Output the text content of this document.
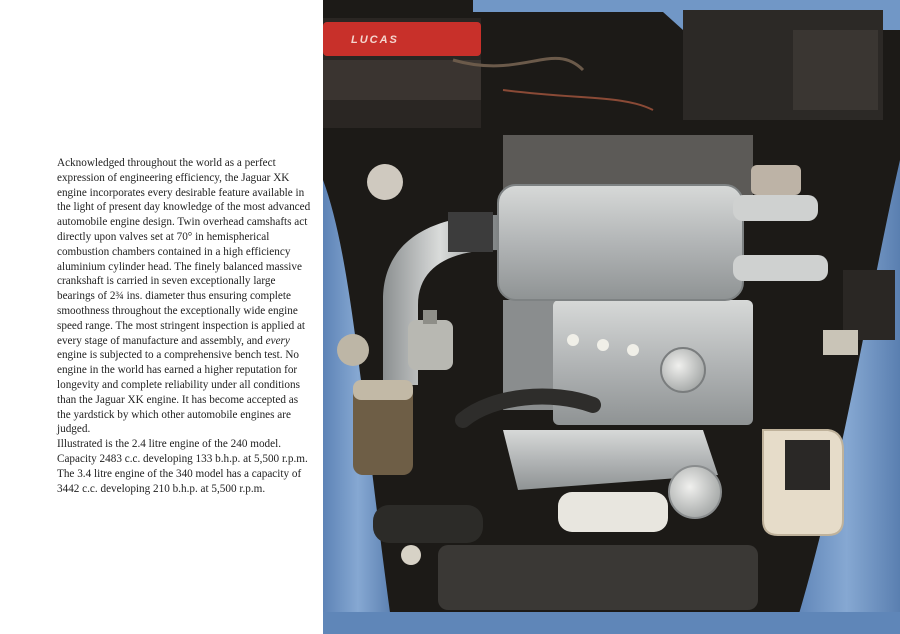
Acknowledged throughout the world as a perfect expression of engineering efficiency, the Jaguar XK engine incorporates every desirable feature available in the light of present day knowledge of the most advanced automobile engine design. Twin overhead camshafts act directly upon valves set at 70° in hemispherical combustion chambers contained in a high efficiency aluminium cylinder head. The finely balanced massive crankshaft is carried in seven exceptionally large bearings of 2¾ ins. diameter thus ensuring complete smoothness throughout the exceptionally wide engine speed range. The most stringent inspection is applied at every stage of manufacture and assembly, and every engine is subjected to a comprehensive bench test. No engine in the world has earned a higher reputation for longevity and complete reliability under all conditions than the Jaguar XK engine. It has become accepted as the yardstick by which other automobile engines are judged.

Illustrated is the 2.4 litre engine of the 240 model. Capacity 2483 c.c. developing 133 b.h.p. at 5,500 r.p.m.

The 3.4 litre engine of the 340 model has a capacity of 3442 c.c. developing 210 b.h.p. at 5,500 r.p.m.

LUCAS
